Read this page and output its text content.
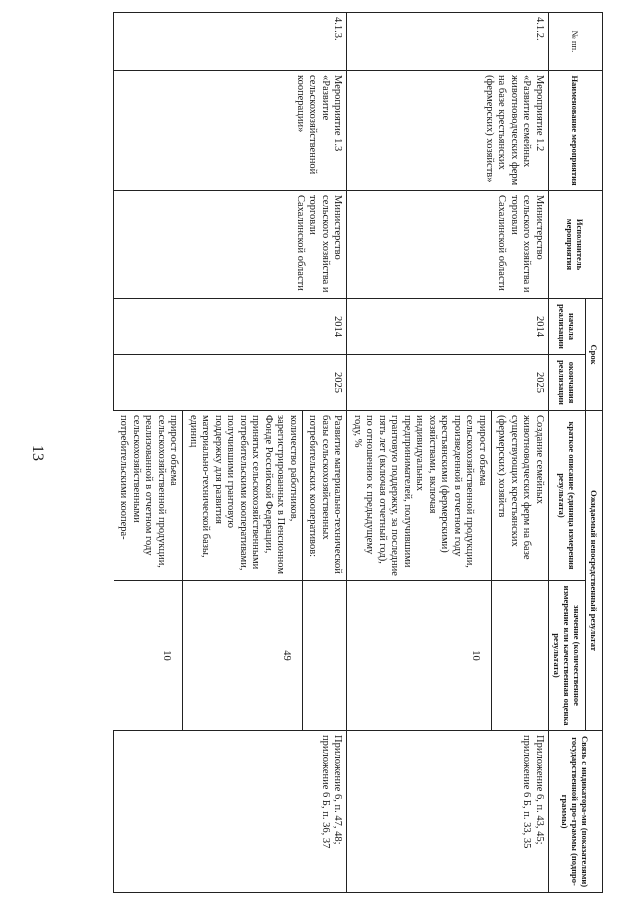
13
№ пп.	Наименование мероприятия	Исполнитель мероприятия	Срок		Ожидаемый непосредственный результат		Связь с индикатора-ми (показателями) государственной про-граммы (подпро-граммы)
			начала реализации	окончания реализации	краткое описание (единица измерения результата)	значение (количественное измерение или качественная оценка результата)	

4.1.2.	Мероприятие 1.2 «Развитие семейных животноводческих ферм на базе крестьянских (фермерских) хозяйств»	Министерство сельского хозяйства и торговли Сахалинской области	2014	2025	Создание семейных животноводческих ферм на базе существующих крестьянских (фермерских) хозяйств		Приложение 6, п. 43, 45; приложение 6 Б, п. 33, 35
					прирост объема сельскохозяйственной продукции, произведенной в отчетном году крестьянскими (фермерскими) хозяйствами, включая индивидуальных предпринимателей, получившими грантовую поддержку, за последние пять лет (включая отчетный год), по отношению к предыдущему году, %	10	
4.1.3.	Мероприятие 1.3 «Развитие сельскохозяйственной кооперации»	Министерство сельского хозяйства и торговли Сахалинской области	2014	2025	Развитие материально-технической базы сельскохозяйственных потребительских кооперативов:		Приложение 6, п. 47, 48; приложение 6 Б, п. 36, 37
					количество работников, зарегистрированных в Пенсионном Фонде Российской Федерации, принятых сельскохозяйственными потребительскими кооперативами, получившими грантовую поддержку для развития материально-технической базы, единиц	49	
					прирост объема сельскохозяйственной продукции, реализованной в отчетном году сельскохозяйственными потребительскими коопера-	10	
